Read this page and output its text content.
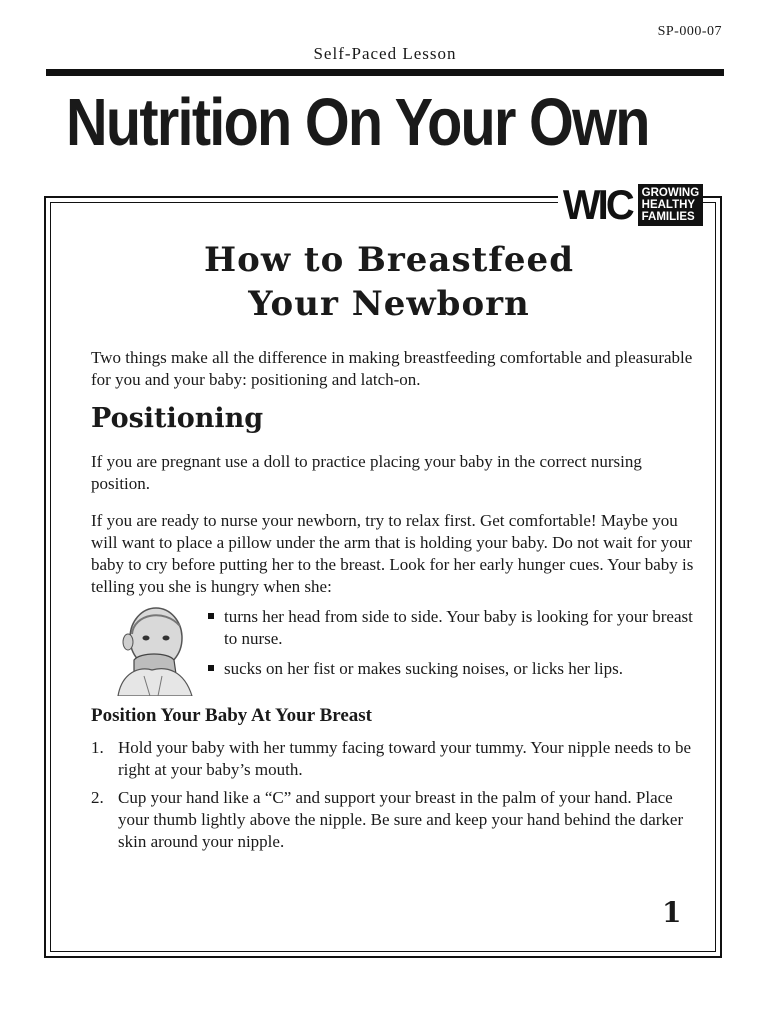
SP-000-07
Self-Paced Lesson
Nutrition On Your Own
WIC GROWING
HEALTHY
FAMILIES
How to Breastfeed
Your Newborn

Two things make all the difference in making breastfeeding comfortable and pleasurable for you and your baby: positioning and latch-on.

Positioning

If you are pregnant use a doll to practice placing your baby in the correct nursing position.

If you are ready to nurse your newborn, try to relax first. Get comfortable! Maybe you will want to place a pillow under the arm that is holding your baby. Do not wait for your baby to cry before putting her to the breast. Look for her early hunger cues. Your baby is telling you she is hungry when she:

turns her head from side to side. Your baby is looking for your breast to nurse.
sucks on her fist or makes sucking noises, or licks her lips.
Position Your Baby At Your Breast
1. Hold your baby with her tummy facing toward your tummy. Your nipple needs to be right at your baby’s mouth.
2. Cup your hand like a “C” and support your breast in the palm of your hand. Place your thumb lightly above the nipple. Be sure and keep your hand behind the darker skin around your nipple.
1
